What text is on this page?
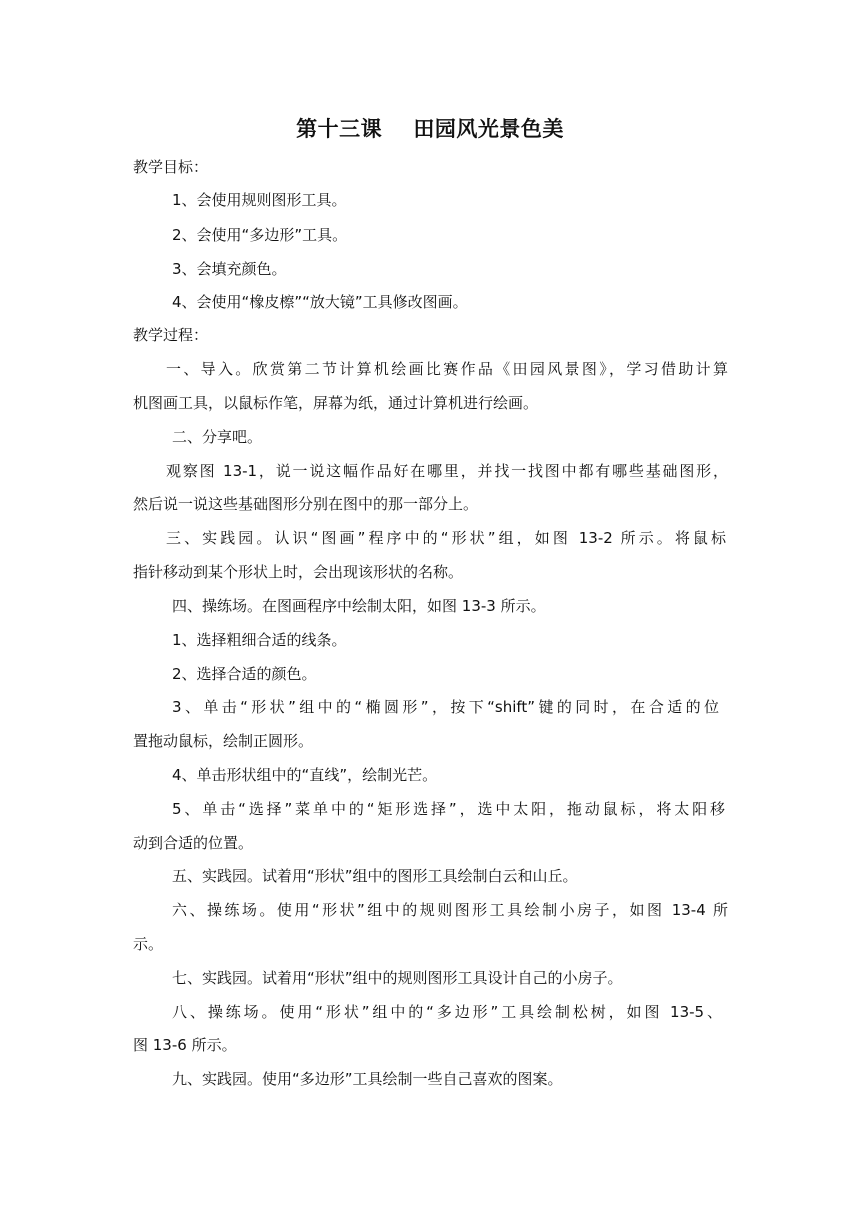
第十三课    田园风光景色美
教学目标：
1、会使用规则图形工具。
2、会使用“多边形”工具。
3、会填充颜色。
4、会使用“橡皮檫”“放大镜”工具修改图画。
教学过程：
一、导入。欣赏第二节计算机绘画比赛作品《田园风景图》，学习借助计算
机图画工具，以鼠标作笔，屏幕为纸，通过计算机进行绘画。
二、分享吧。
观察图 13-1，说一说这幅作品好在哪里，并找一找图中都有哪些基础图形，
然后说一说这些基础图形分别在图中的那一部分上。
三、实践园。认识“图画”程序中的“形状”组，如图 13-2 所示。将鼠标
指针移动到某个形状上时，会出现该形状的名称。
四、操练场。在图画程序中绘制太阳，如图 13-3 所示。
1、选择粗细合适的线条。
2、选择合适的颜色。
3、单击“形状”组中的“椭圆形”，按下“shift”键的同时，在合适的位
置拖动鼠标，绘制正圆形。
4、单击形状组中的“直线”，绘制光芒。
5、单击“选择”菜单中的“矩形选择”，选中太阳，拖动鼠标，将太阳移
动到合适的位置。
五、实践园。试着用“形状”组中的图形工具绘制白云和山丘。
六、操练场。使用“形状”组中的规则图形工具绘制小房子，如图 13-4 所
示。
七、实践园。试着用“形状”组中的规则图形工具设计自己的小房子。
八、操练场。使用“形状”组中的“多边形”工具绘制松树，如图 13-5、
图 13-6 所示。
九、实践园。使用“多边形”工具绘制一些自己喜欢的图案。
